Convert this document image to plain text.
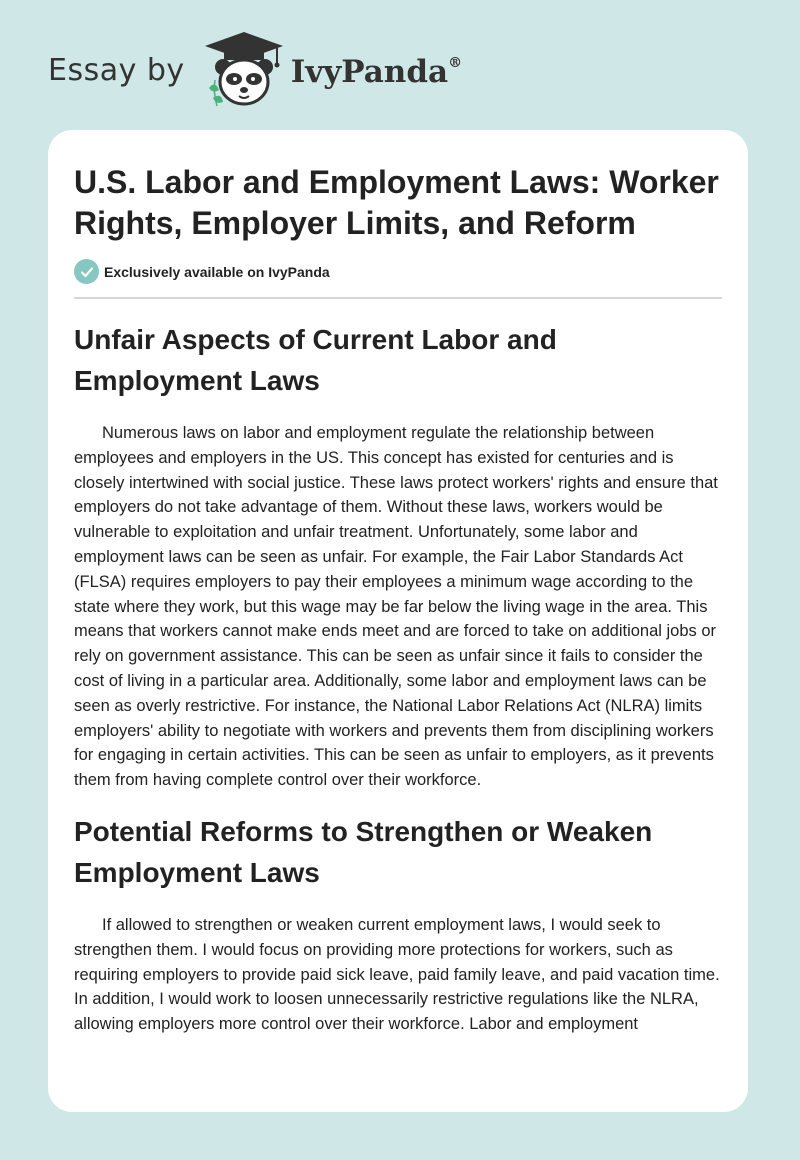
Essay by	IvyPanda®
U.S. Labor and Employment Laws: Worker Rights, Employer Limits, and Reform
Exclusively available on IvyPanda
Unfair Aspects of Current Labor and Employment Laws

Numerous laws on labor and employment regulate the relationship between employees and employers in the US. This concept has existed for centuries and is closely intertwined with social justice. These laws protect workers' rights and ensure that employers do not take advantage of them. Without these laws, workers would be vulnerable to exploitation and unfair treatment. Unfortunately, some labor and employment laws can be seen as unfair. For example, the Fair Labor Standards Act (FLSA) requires employers to pay their employees a minimum wage according to the state where they work, but this wage may be far below the living wage in the area. This means that workers cannot make ends meet and are forced to take on additional jobs or rely on government assistance. This can be seen as unfair since it fails to consider the cost of living in a particular area. Additionally, some labor and employment laws can be seen as overly restrictive. For instance, the National Labor Relations Act (NLRA) limits employers' ability to negotiate with workers and prevents them from disciplining workers for engaging in certain activities. This can be seen as unfair to employers, as it prevents them from having complete control over their workforce.

Potential Reforms to Strengthen or Weaken Employment Laws

If allowed to strengthen or weaken current employment laws, I would seek to strengthen them. I would focus on providing more protections for workers, such as requiring employers to provide paid sick leave, paid family leave, and paid vacation time. In addition, I would work to loosen unnecessarily restrictive regulations like the NLRA, allowing employers more control over their workforce. Labor and employment
